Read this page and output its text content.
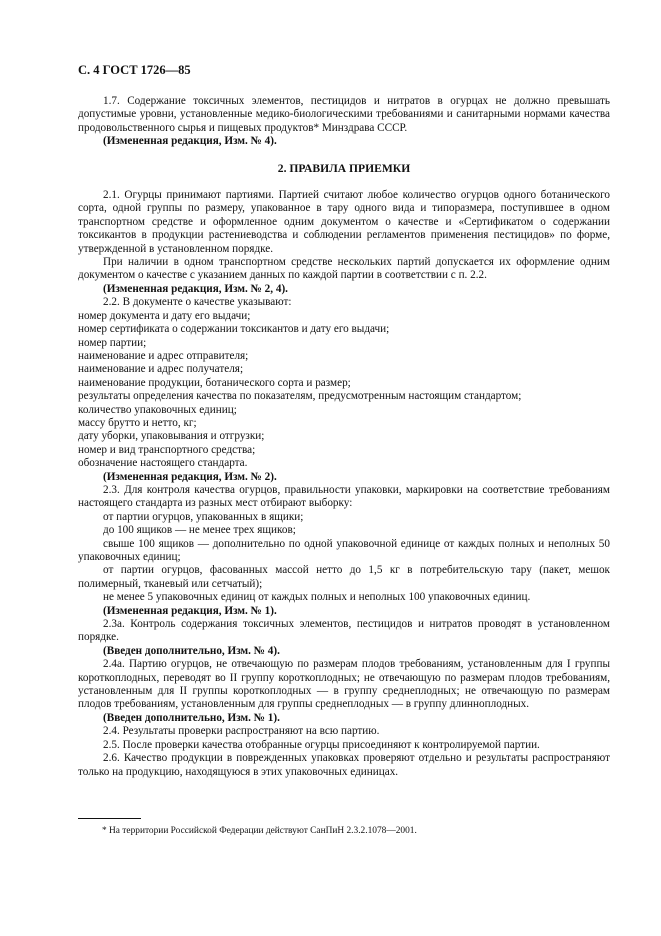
С. 4 ГОСТ 1726—85

1.7. Содержание токсичных элементов, пестицидов и нитратов в огурцах не должно превышать допустимые уровни, установленные медико-биологическими требованиями и санитарными нормами качества продовольственного сырья и пищевых продуктов* Минздрава СССР.

(Измененная редакция, Изм. № 4).

2. ПРАВИЛА ПРИЕМКИ

2.1. Огурцы принимают партиями. Партией считают любое количество огурцов одного ботанического сорта, одной группы по размеру, упакованное в тару одного вида и типоразмера, поступившее в одном транспортном средстве и оформленное одним документом о качестве и «Сертификатом о содержании токсикантов в продукции растениеводства и соблюдении регламентов применения пестицидов» по форме, утвержденной в установленном порядке.

При наличии в одном транспортном средстве нескольких партий допускается их оформление одним документом о качестве с указанием данных по каждой партии в соответствии с п. 2.2.

(Измененная редакция, Изм. № 2, 4).

2.2. В документе о качестве указывают:

номер документа и дату его выдачи;

номер сертификата о содержании токсикантов и дату его выдачи;

номер партии;

наименование и адрес отправителя;

наименование и адрес получателя;

наименование продукции, ботанического сорта и размер;

результаты определения качества по показателям, предусмотренным настоящим стандартом;

количество упаковочных единиц;

массу брутто и нетто, кг;

дату уборки, упаковывания и отгрузки;

номер и вид транспортного средства;

обозначение настоящего стандарта.

(Измененная редакция, Изм. № 2).

2.3. Для контроля качества огурцов, правильности упаковки, маркировки на соответствие требованиям настоящего стандарта из разных мест отбирают выборку:

от партии огурцов, упакованных в ящики;

до 100 ящиков — не менее трех ящиков;

свыше 100 ящиков — дополнительно по одной упаковочной единице от каждых полных и неполных 50 упаковочных единиц;

от партии огурцов, фасованных массой нетто до 1,5 кг в потребительскую тару (пакет, мешок полимерный, тканевый или сетчатый);

не менее 5 упаковочных единиц от каждых полных и неполных 100 упаковочных единиц.

(Измененная редакция, Изм. № 1).

2.3а. Контроль содержания токсичных элементов, пестицидов и нитратов проводят в установленном порядке.

(Введен дополнительно, Изм. № 4).

2.4а. Партию огурцов, не отвечающую по размерам плодов требованиям, установленным для I группы короткоплодных, переводят во II группу короткоплодных; не отвечающую по размерам плодов требованиям, установленным для II группы короткоплодных — в группу среднеплодных; не отвечающую по размерам плодов требованиям, установленным для группы среднеплодных — в группу длинноплодных.

(Введен дополнительно, Изм. № 1).

2.4. Результаты проверки распространяют на всю партию.

2.5. После проверки качества отобранные огурцы присоединяют к контролируемой партии.

2.6. Качество продукции в поврежденных упаковках проверяют отдельно и результаты распространяют только на продукцию, находящуюся в этих упаковочных единицах.

* На территории Российской Федерации действуют СанПиН 2.3.2.1078—2001.
